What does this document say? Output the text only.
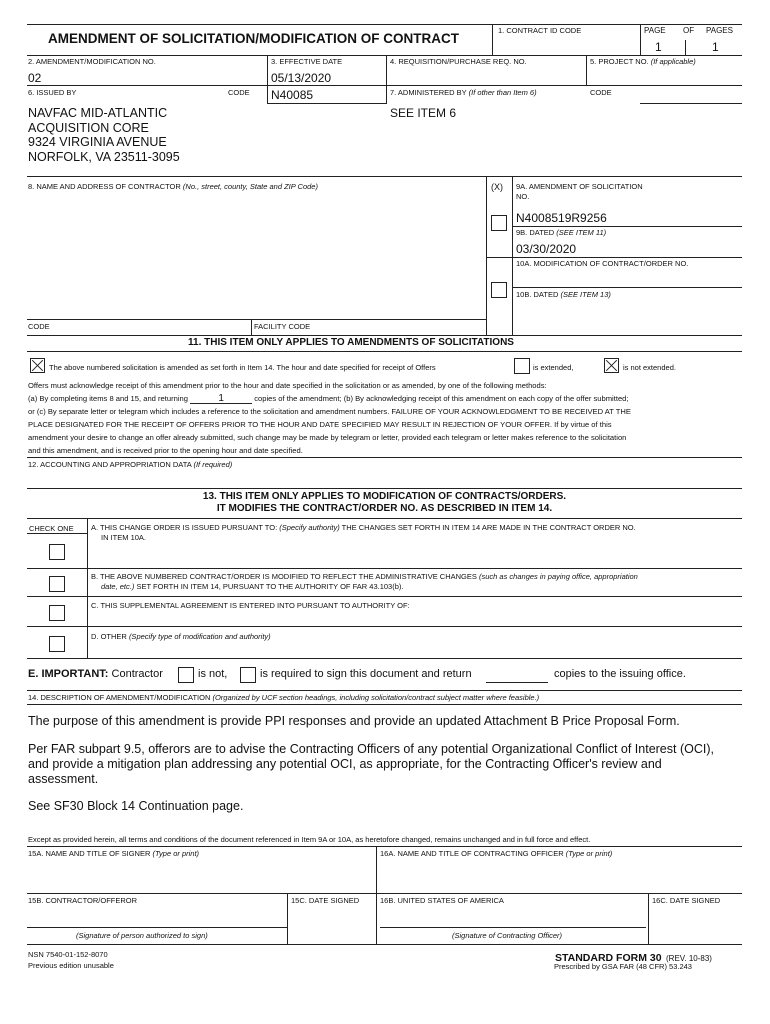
AMENDMENT OF SOLICITATION/MODIFICATION OF CONTRACT
1. CONTRACT ID CODE	PAGE OF PAGES
1	1
2. AMENDMENT/MODIFICATION NO.
02
3. EFFECTIVE DATE
05/13/2020
4. REQUISITION/PURCHASE REQ. NO.	5. PROJECT NO. (If applicable)
6. ISSUED BY	CODE N40085	7. ADMINISTERED BY (If other than Item 6)	CODE
NAVFAC MID-ATLANTIC
ACQUISITION CORE
9324 VIRGINIA AVENUE
NORFOLK, VA 23511-3095
SEE ITEM 6
8. NAME AND ADDRESS OF CONTRACTOR (No., street, county, State and ZIP Code)	(X) 9A. AMENDMENT OF SOLICITATION
NO.
N4008519R9256
9B. DATED (SEE ITEM 11)
03/30/2020
10A. MODIFICATION OF CONTRACT/ORDER NO.
10B. DATED (SEE ITEM 13)
CODE	FACILITY CODE
11. THIS ITEM ONLY APPLIES TO AMENDMENTS OF SOLICITATIONS
The above numbered solicitation is amended as set forth in Item 14. The hour and date specified for receipt of Offers	is extended,	is not extended.
Offers must acknowledge receipt of this amendment prior to the hour and date specified in the solicitation or as amended, by one of the following methods:
(a) By completing items 8 and 15, and returning	1	copies of the amendment; (b) By acknowledging receipt of this amendment on each copy of the offer submitted;
or (c) By separate letter or telegram which includes a reference to the solicitation and amendment numbers. FAILURE OF YOUR ACKNOWLEDGMENT TO BE RECEIVED AT THE
PLACE DESIGNATED FOR THE RECEIPT OF OFFERS PRIOR TO THE HOUR AND DATE SPECIFIED MAY RESULT IN REJECTION OF YOUR OFFER. If by virtue of this
amendment your desire to change an offer already submitted, such change may be made by telegram or letter, provided each telegram or letter makes reference to the solicitation
and this amendment, and is received prior to the opening hour and date specified.
12. ACCOUNTING AND APPROPRIATION DATA (If required)
13. THIS ITEM ONLY APPLIES TO MODIFICATION OF CONTRACTS/ORDERS.
IT MODIFIES THE CONTRACT/ORDER NO. AS DESCRIBED IN ITEM 14.
CHECK ONE A. THIS CHANGE ORDER IS ISSUED PURSUANT TO: (Specify authority) THE CHANGES SET FORTH IN ITEM 14 ARE MADE IN THE CONTRACT ORDER NO.
IN ITEM 10A.
B. THE ABOVE NUMBERED CONTRACT/ORDER IS MODIFIED TO REFLECT THE ADMINISTRATIVE CHANGES (such as changes in paying office, appropriation
date, etc.) SET FORTH IN ITEM 14, PURSUANT TO THE AUTHORITY OF FAR 43.103(b).
C. THIS SUPPLEMENTAL AGREEMENT IS ENTERED INTO PURSUANT TO AUTHORITY OF:
D. OTHER (Specify type of modification and authority)
E. IMPORTANT: Contractor	is not,	is required to sign this document and return	copies to the issuing office.
14. DESCRIPTION OF AMENDMENT/MODIFICATION (Organized by UCF section headings, including solicitation/contract subject matter where feasible.)
The purpose of this amendment is provide PPI responses and provide an updated Attachment B Price Proposal Form.
Per FAR subpart 9.5, offerors are to advise the Contracting Officers of any potential Organizational Conflict of Interest (OCI),
and provide a mitigation plan addressing any potential OCI, as appropriate, for the Contracting Officer's review and
assessment.
See SF30 Block 14 Continuation page.
Except as provided herein, all terms and conditions of the document referenced in Item 9A or 10A, as heretofore changed, remains unchanged and in full force and effect.
15A. NAME AND TITLE OF SIGNER (Type or print)	16A. NAME AND TITLE OF CONTRACTING OFFICER (Type or print)
15B. CONTRACTOR/OFFEROR	15C. DATE SIGNED	16B. UNITED STATES OF AMERICA	16C. DATE SIGNED
(Signature of person authorized to sign)	(Signature of Contracting Officer)
NSN 7540-01-152-8070
Previous edition unusable
STANDARD FORM 30 (REV. 10-83)
Prescribed by GSA FAR (48 CFR) 53.243
